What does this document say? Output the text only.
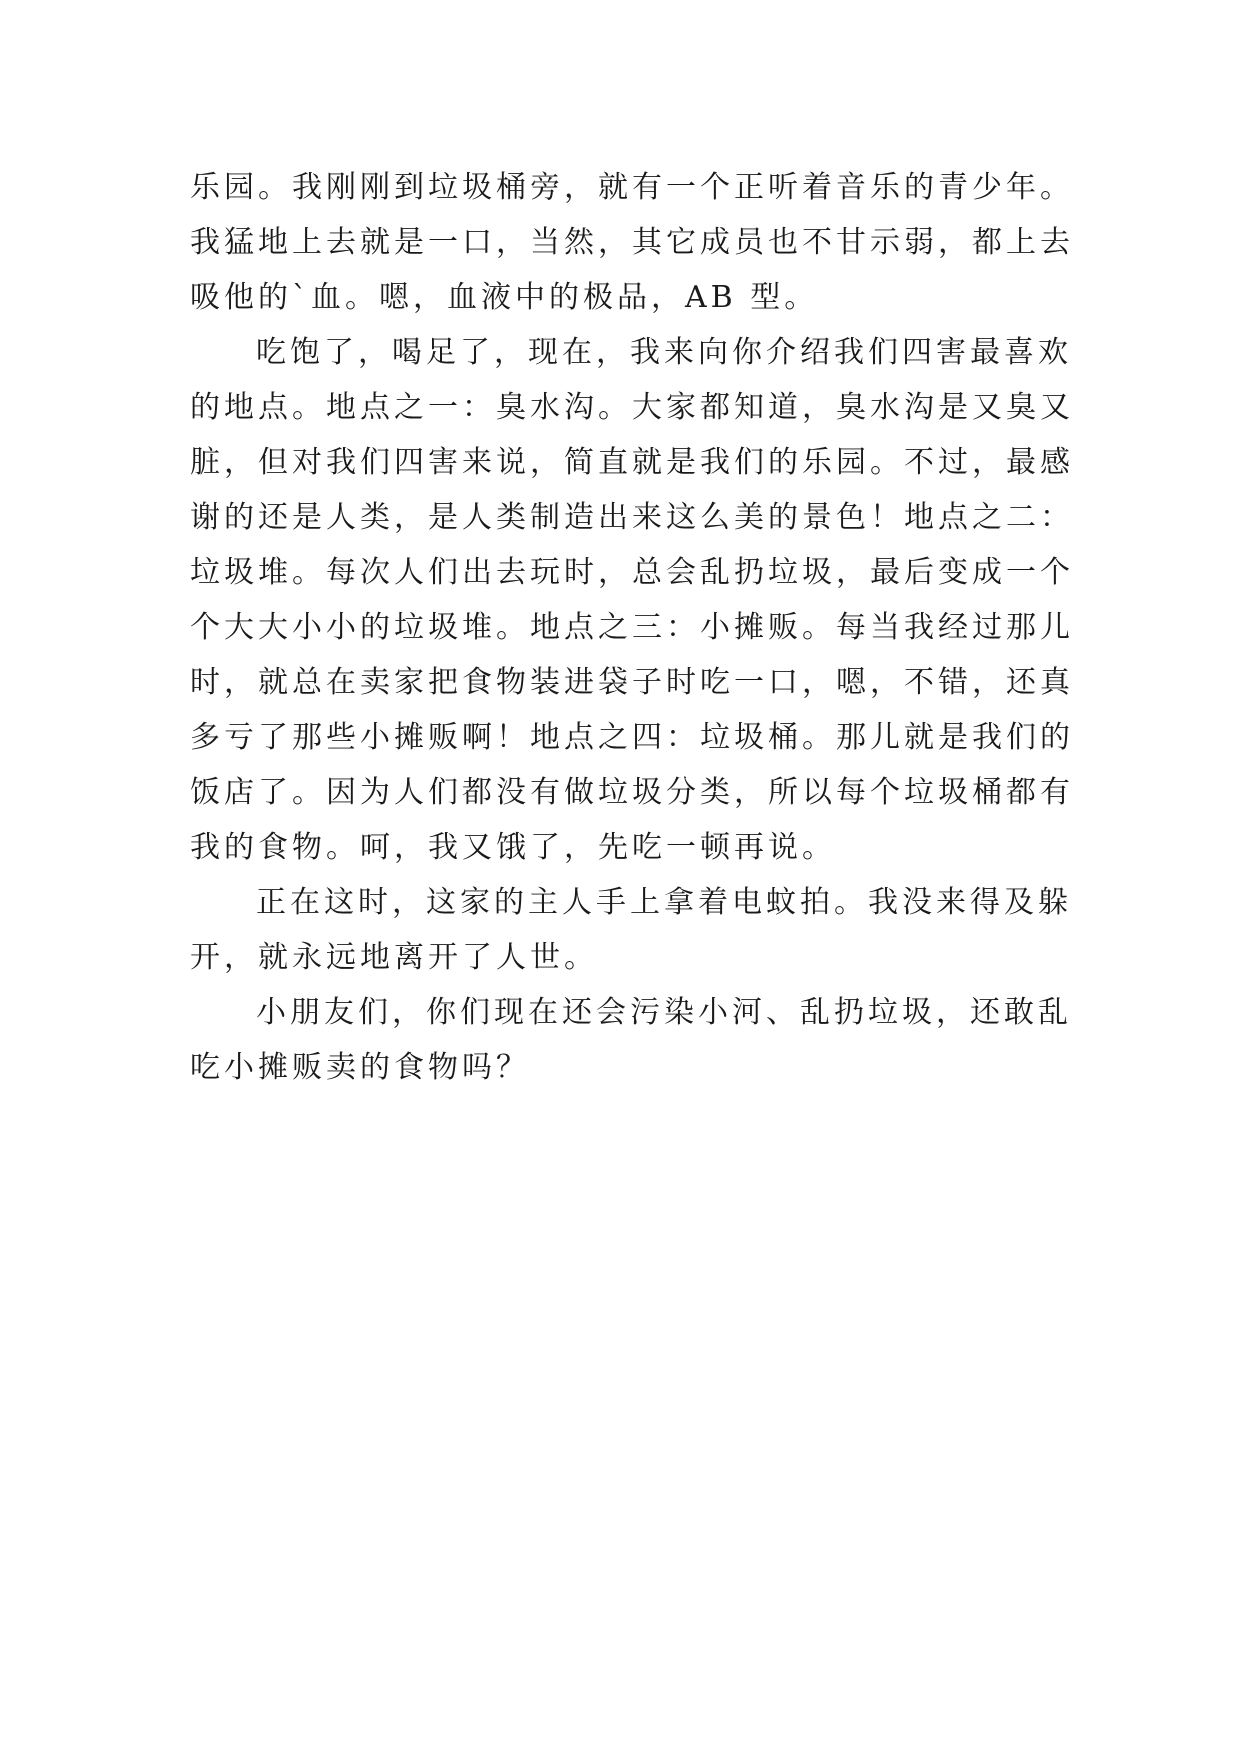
乐园。我刚刚到垃圾桶旁，就有一个正听着音乐的青少年。
我猛地上去就是一口，当然，其它成员也不甘示弱，都上去
吸他的`血。嗯，血液中的极品，AB 型。
吃饱了，喝足了，现在，我来向你介绍我们四害最喜欢
的地点。地点之一：臭水沟。大家都知道，臭水沟是又臭又
脏，但对我们四害来说，简直就是我们的乐园。不过，最感
谢的还是人类，是人类制造出来这么美的景色！地点之二：
垃圾堆。每次人们出去玩时，总会乱扔垃圾，最后变成一个
个大大小小的垃圾堆。地点之三：小摊贩。每当我经过那儿
时，就总在卖家把食物装进袋子时吃一口，嗯，不错，还真
多亏了那些小摊贩啊！地点之四：垃圾桶。那儿就是我们的
饭店了。因为人们都没有做垃圾分类，所以每个垃圾桶都有
我的食物。呵，我又饿了，先吃一顿再说。
正在这时，这家的主人手上拿着电蚊拍。我没来得及躲
开，就永远地离开了人世。
小朋友们，你们现在还会污染小河、乱扔垃圾，还敢乱
吃小摊贩卖的食物吗？
